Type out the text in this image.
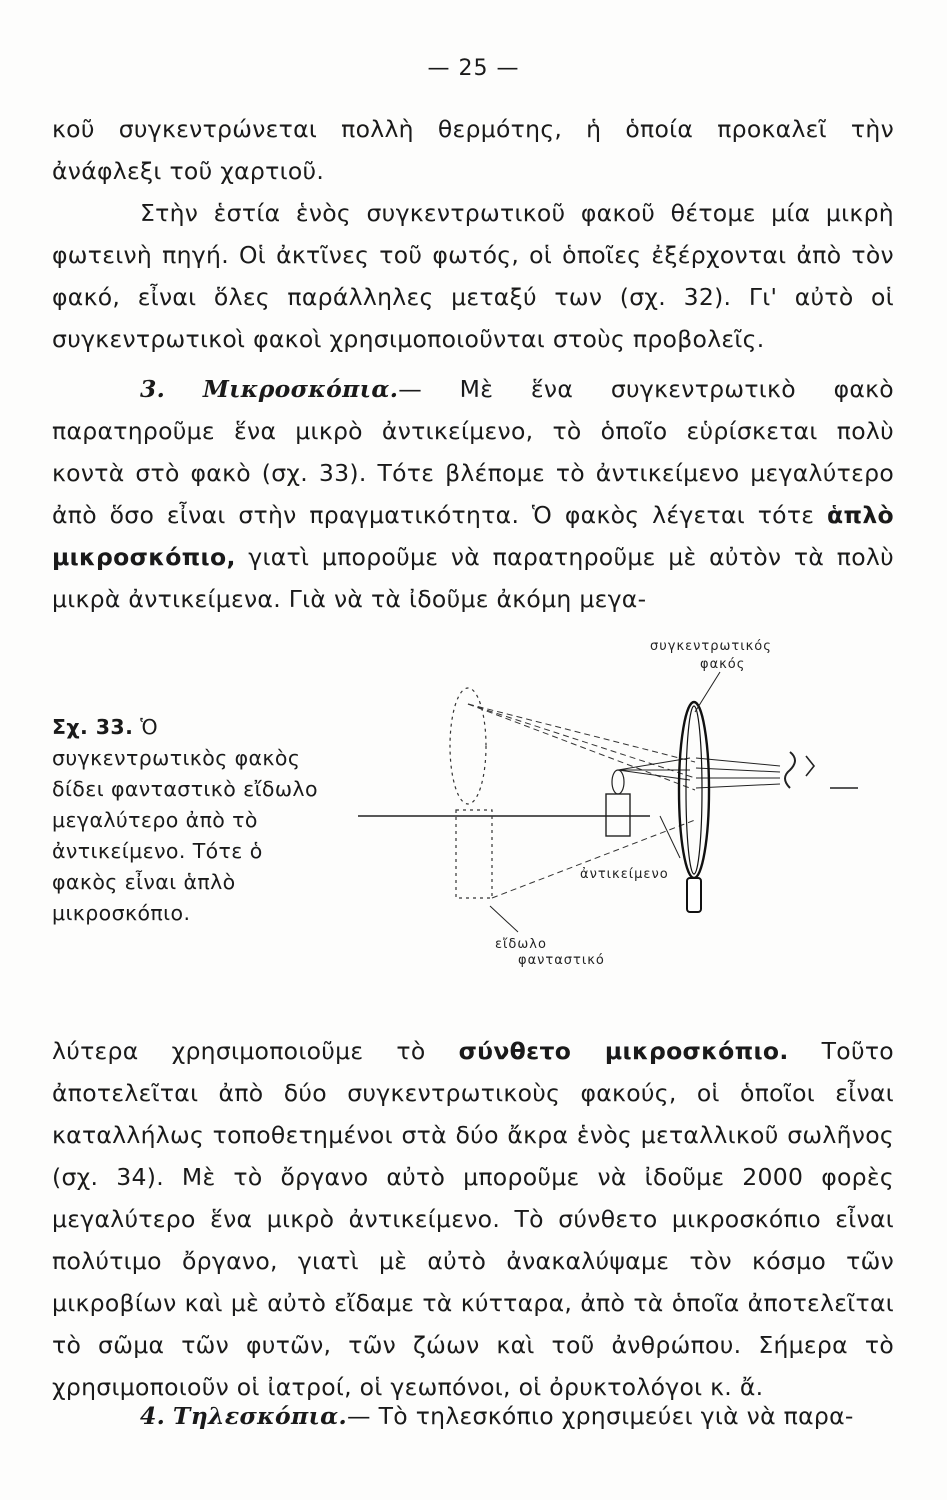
— 25 —

κοῦ συγκεντρώνεται πολλὴ θερμότης, ἡ ὁποία προκαλεῖ τὴν ἀνάφλεξι τοῦ χαρτιοῦ.

Στὴν ἑστία ἑνὸς συγκεντρωτικοῦ φακοῦ θέτομε μία μικρὴ φωτεινὴ πηγή. Οἱ ἀκτῖνες τοῦ φωτός, οἱ ὁποῖες ἐξέρχονται ἀπὸ τὸν φακό, εἶναι ὅλες παράλληλες μεταξύ των (σχ. 32). Γι' αὐτὸ οἱ συγκεντρωτικοὶ φακοὶ χρησιμοποιοῦνται στοὺς προβολεῖς.

3. Μικροσκόπια.— Μὲ ἕνα συγκεντρωτικὸ φακὸ παρατηροῦμε ἕνα μικρὸ ἀντικείμενο, τὸ ὁποῖο εὑρίσκεται πολὺ κοντὰ στὸ φακὸ (σχ. 33). Τότε βλέπομε τὸ ἀντικείμενο μεγαλύτερο ἀπὸ ὅσο εἶναι στὴν πραγματικότητα. Ὁ φακὸς λέγεται τότε ἁπλὸ μικροσκόπιο, γιατὶ μποροῦμε νὰ παρατηροῦμε μὲ αὐτὸν τὰ πολὺ μικρὰ ἀντικείμενα. Γιὰ νὰ τὰ ἰδοῦμε ἀκόμη μεγα-

Σχ. 33. Ὁ συγκεντρωτικὸς φακὸς δίδει φανταστικὸ εἴδωλο μεγαλύτερο ἀπὸ τὸ ἀντικείμενο. Τότε ὁ φακὸς εἶναι ἁπλὸ μικροσκόπιο.
συγκεντρωτικός
φακός
ἀντικείμενο
εἴδωλο
φανταστικό

λύτερα χρησιμοποιοῦμε τὸ σύνθετο μικροσκόπιο. Τοῦτο ἀποτελεῖται ἀπὸ δύο συγκεντρωτικοὺς φακούς, οἱ ὁποῖοι εἶναι καταλλήλως τοποθετημένοι στὰ δύο ἄκρα ἑνὸς μεταλλικοῦ σωλῆνος (σχ. 34). Μὲ τὸ ὄργανο αὐτὸ μποροῦμε νὰ ἰδοῦμε 2000 φορὲς μεγαλύτερο ἕνα μικρὸ ἀντικείμενο. Τὸ σύνθετο μικροσκόπιο εἶναι πολύτιμο ὄργανο, γιατὶ μὲ αὐτὸ ἀνακαλύψαμε τὸν κόσμο τῶν μικροβίων καὶ μὲ αὐτὸ εἴδαμε τὰ κύτταρα, ἀπὸ τὰ ὁποῖα ἀποτελεῖται τὸ σῶμα τῶν φυτῶν, τῶν ζώων καὶ τοῦ ἀνθρώπου. Σήμερα τὸ χρησιμοποιοῦν οἱ ἰατροί, οἱ γεωπόνοι, οἱ ὀρυκτολόγοι κ. ἄ.

4. Τηλεσκόπια.— Τὸ τηλεσκόπιο χρησιμεύει γιὰ νὰ παρα-
